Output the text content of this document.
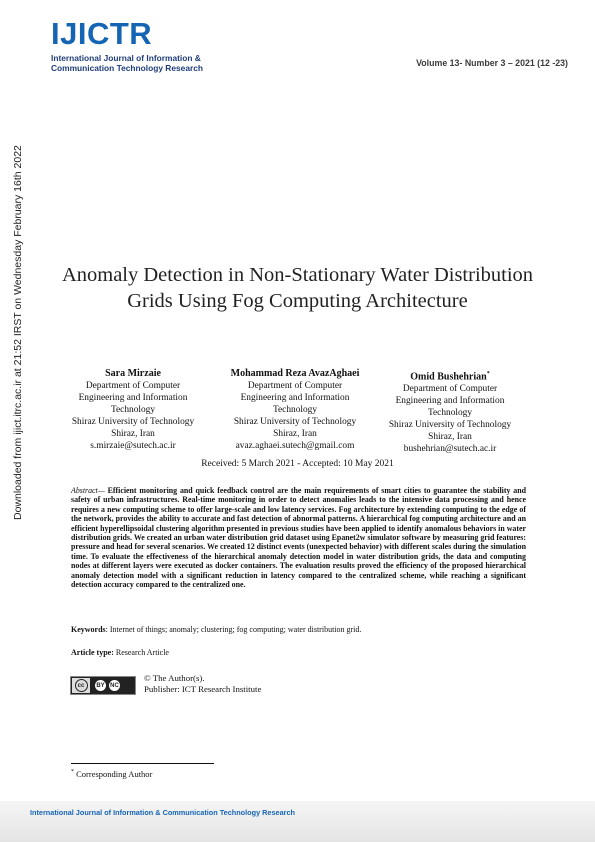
IJICTR
International Journal of Information &
Communication Technology Research	Volume 13- Number 3 – 2021 (12 -23)
Downloaded from ijict.itrc.ac.ir at 21:52 IRST on Wednesday February 16th 2022 Anomaly Detection in Non-Stationary Water Distribution Grids Using Fog Computing Architecture
Sara Mirzaie
Department of Computer
Engineering and Information
Technology
Shiraz University of Technology
Shiraz, Iran
s.mirzaie@sutech.ac.ir
Mohammad Reza AvazAghaei
Department of Computer
Engineering and Information
Technology
Shiraz University of Technology
Shiraz, Iran
avaz.aghaei.sutech@gmail.com
Omid Bushehrian*
Department of Computer
Engineering and Information
Technology
Shiraz University of Technology
Shiraz, Iran
bushehrian@sutech.ac.ir
Received: 5 March 2021 - Accepted: 10 May 2021
Abstract— Efficient monitoring and quick feedback control are the main requirements of smart cities to guarantee the stability and safety of urban infrastructures. Real-time monitoring in order to detect anomalies leads to the intensive data processing and hence requires a new computing scheme to offer large-scale and low latency services. Fog architecture by extending computing to the edge of the network, provides the ability to accurate and fast detection of abnormal patterns. A hierarchical fog computing architecture and an efficient hyperellipsoidal clustering algorithm presented in previous studies have been applied to identify anomalous behaviors in water distribution grids. We created an urban water distribution grid dataset using Epanet2w simulator software by measuring grid features: pressure and head for several scenarios. We created 12 distinct events (unexpected behavior) with different scales during the simulation time. To evaluate the effectiveness of the hierarchical anomaly detection model in water distribution grids, the data and computing nodes at different layers were executed as docker containers. The evaluation results proved the efficiency of the proposed hierarchical anomaly detection model with a significant reduction in latency compared to the centralized scheme, while reaching a significant detection accuracy compared to the centralized one.
Keywords: Internet of things; anomaly; clustering; fog computing; water distribution grid.
Article type: Research Article
cc	BY NC
© The Author(s).
Publisher: ICT Research Institute
* Corresponding Author
International Journal of Information & Communication Technology Research
